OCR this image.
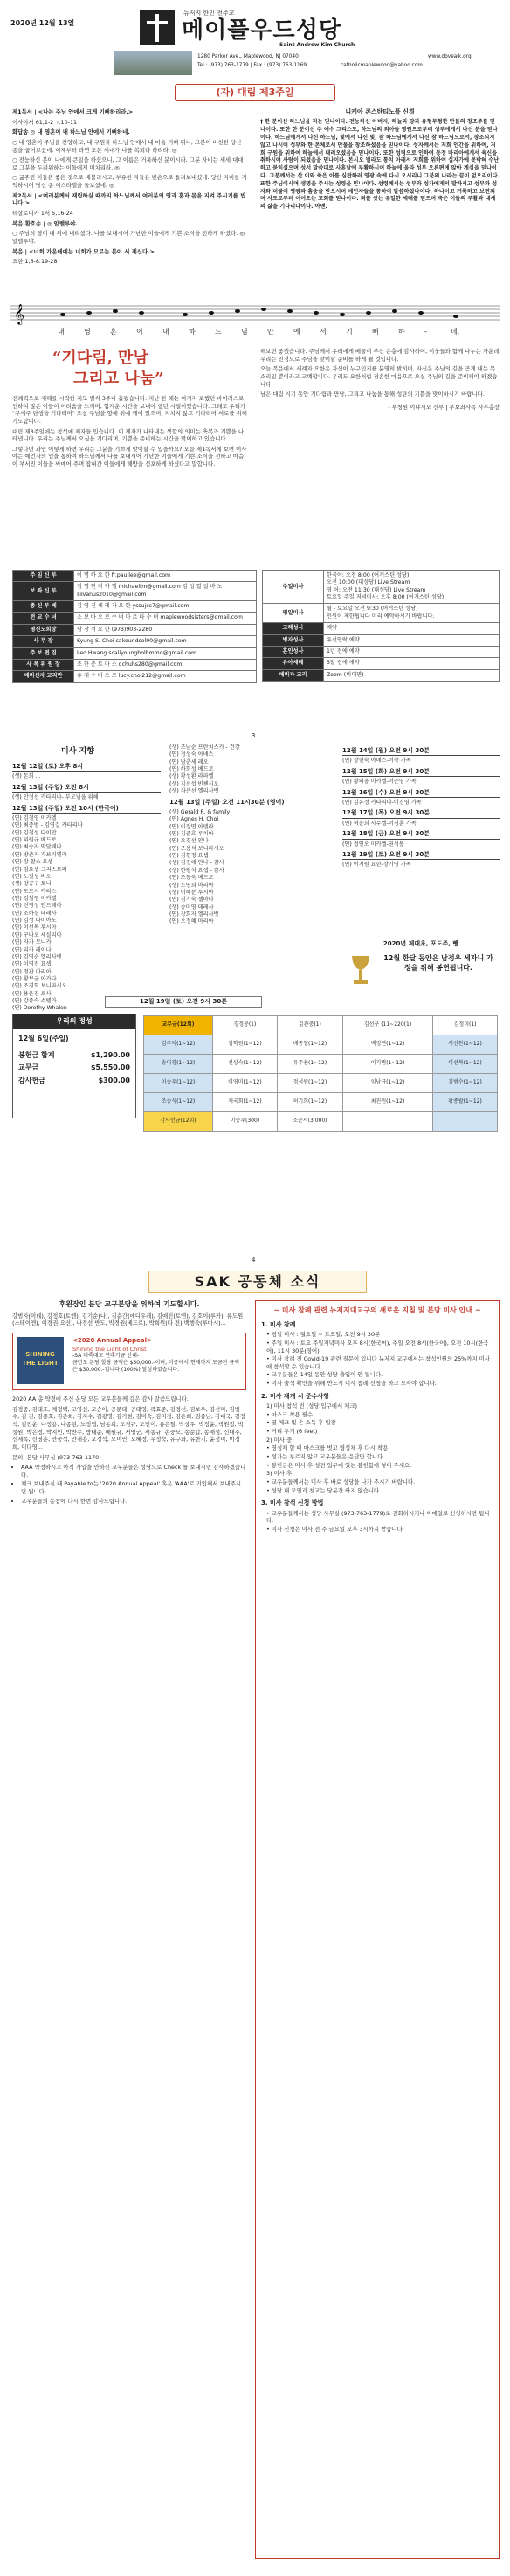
2020년 12월 13일
뉴저지 한인 천주교
메이플우드성당
Saint Andrew Kim Church
1280 Parker Ave., Maplewood, NJ 07040	www.dovealk.org
Tel : (973) 763-1779 | Fax : (973) 763-1169	catholicmaplewood@yahoo.com
(자) 대림 제3주일

제1독서 | <나는 주님 안에서 크게 기뻐하리라.>

이사야서 61,1-2ㄱ.10-11

화답송 ◎ 내 영혼이 내 하느님 안에서 기뻐하네.

○ 내 영혼이 주님을 찬양하고, 내 구원자 하느님 안에서 내 마음 기뻐 뛰니, 그분이 비천한 당신 종을 굽어보셨네. 이제부터 과연 모든 세대가 나를 복되다 하리라. ◎

○ 전능하신 분이 나에게 큰일을 하셨으니, 그 이름은 거룩하신 분이시라. 그분 자비는 세세 대대로 그분을 두려워하는 이들에게 미치리라. ◎

○ 굶주린 이들은 좋은 것으로 배불리시고, 부유한 자들은 빈손으로 돌려보내셨네. 당신 자비를 기억하시어 당신 종 이스라엘을 돌보셨네. ◎

제2독서 | <여러분께서 재림하실 때까지 하느님께서 여러분의 영과 혼과 몸을 지켜 주시기를 빕니다.>

테살로니카 1서 5,16-24

복음 환호송 | ◎ 알렐루야.

○ 주님의 영이 내 위에 내리셨다. 나를 보내시어 가난한 이들에게 기쁜 소식을 전하게 하셨다. ◎ 알렐루야.

복음 | <너희 가운데에는 너희가 모르는 분이 서 계신다.>

요한 1,6-8.19-28

니케아 콘스탄티노플 신경

† 한 분이신 하느님을 저는 믿나이다. 전능하신 아버지, 하늘과 땅과 유형무형한 만물의 창조주를 믿나이다. 또한 한 분이신 주 예수 그리스도, 하느님의 외아들 영원으로부터 성부에게서 나신 분을 믿나이다. 하느님에게서 나신 하느님, 빛에서 나신 빛, 참 하느님에게서 나신 참 하느님으로서, 창조되지 않고 나시어 성부와 한 본체로서 만물을 창조하셨음을 믿나이다. 성자께서는 저희 인간을 위하여, 저희 구원을 위하여 하늘에서 내려오셨음을 믿나이다. 또한 성령으로 인하여 동정 마리아에게서 육신을 취하시어 사람이 되셨음을 믿나이다. 본시오 빌라도 통치 아래서 저희를 위하여 십자가에 못박혀 수난하고 묻히셨으며 성서 말씀대로 사흗날에 부활하시어 하늘에 올라 성부 오른편에 앉아 계심을 믿나이다. 그분께서는 산 이와 죽은 이를 심판하러 영광 속에 다시 오시리니 그분의 나라는 끝이 없으리이다. 또한 주님이시며 생명을 주시는 성령을 믿나이다. 성령께서는 성부와 성자에게서 발하시고 성부와 성자와 더불어 영광과 흠숭을 받으시며 예언자들을 통하여 말씀하셨나이다. 하나이고 거룩하고 보편되며 사도로부터 이어오는 교회를 믿나이다. 죄를 씻는 유일한 세례를 믿으며 죽은 이들의 부활과 내세의 삶을 기다리나이다. 아멘.

𝄞
내	영	혼	이	내	하	느	님	안	에	서	기	뻐	하	-	네.
“기다림, 만남
그리고 나눔”

전례력으로 새해를 시작한 지도 벌써 3주나 흘렀습니다. 지난 한 해는 여기저 포했던 바이러스로 인하여 많은 이들이 어려움을 느끼며, 힘겨운 시간을 보내야 했던 시절이었습니다. 그래도 우리가 "구세주 탄생을 기다리며" 오실 주님을 향해 위에 깨어 있으며, 지치지 않고 기다리며 서로를 위해 기도합니다.

대림 제3주일에는 참석에 제자들 입습니다. 이 제자가 나타내는 색깔의 의미는 축복과 기쁨을 나타냅니다. 우리는 주님께서 오심을 기다리며, 기쁨을 준비하는 시간을 맞이하고 있습니다.

그렇다면 과연 어떻게 하면 우리는 그분을 기쁘게 맞이할 수 있을까요? 오늘 제1독서에 보면 이사야는 예언자의 입을 통하여 하느님께서 나를 보내시어 가난한 이들에게 기쁜 소식을 전하고 마음이 부서진 이들을 싸매어 주며 잡혀간 이들에게 해방을 선포하게 하셨다고 말합니다.

해보면 좋겠습니다. 주님께서 우리에게 베풀어 주신 은총에 감사하며, 이웃들과 함께 나누는 가운데 우리는 진정으로 주님을 맞이할 준비를 하게 될 것입니다.

오늘 복음에서 세례자 요한은 자신이 누구인지를 분명히 밝히며, 자신은 주님의 길을 곧게 내는 목소리일 뿐이라고 고백합니다. 우리도 요한처럼 겸손한 마음으로 오실 주님의 길을 준비해야 하겠습니다.

남은 대림 시기 동안 기다림과 만남, 그리고 나눔을 통해 성탄의 기쁨을 맞이하시기 바랍니다.

- 부청원 이냐시오 신부 | 부보좌사목 사무총장

주 임 신 부	이 명 하 요 한 fr.paullee@gmail.com
보 좌 신 부	김 명 현 미 카 엘 michaelfm@gmail.com 김 성 열 실 바 노 silvanus2010@gmail.com
종 신 부 제	김 영 진 세 례 자 요 한 yssujcs7@gmail.com
전 교 수 녀	소 보 바 오 로 수 녀 마 르 타 수 녀 maplewoodsisters@gmail.com
평신도회장	남 창 석 요 한 (973)903-2280
사 무 장	Kyung S. Choi sakoundsol90@gmail.com
주 보 편 집	Leo Hwang scallyoungbolhmmo@gmail.com
사 목 위 원 장	조 한 준 토 마 스 dchuhs280@gmail.com
예비신자 교리반	유 재 수 바 오 로 lucy.choi212@gmail.com
주일미사	한국어: 오전 8:00 (어거스틴 성당)
오전 10:00 (대성당) Live Stream
영 어: 오전 11:30 (대성당) Live Stream
토요일 주일 저녁미사: 오후 8:00 (어거스틴 성당)

평일미사	월 - 토요일 오전 9:30 (어거스틴 성당)
인원이 제한됩니다 미리 예약하시기 바랍니다.
고해성사	예약
병자성사	유선연락 예약
혼인성사	1년 전에 예약
유아세례	3달 전에 예약
예비자 교리	Zoom (비대면)
3
미사 지향
12월 12일 (토) 오후 8시
(생) 돈희 ...
12월 13일 (주일) 오전 8시
(생) 안정선 카타리나- 부모님을 위해
12월 13일 (주일) 오전 10시 (한국어)
(연) 김철영 미카엘
(연) 최중범 - 김영길 카타리나
(연) 김철성 다이안
(연) 위원규 베드로
(연) 최승자 막달레나
(연) 방춘자 가브리엘라
(연) 장 찰스 요셉
(연) 김요셉 크리스토퍼
(연) 노필성 비오
(생) 양공구 토니
(연) 도로시 카리스
(연) 김철영 미카엘
(연) 신영성 안드레아
(연) 조하심 데레사
(연) 김성 다미아노
(연) 이선복 루시아
(연) 구나오 세실리아
(연) 자가 모니카
(연) 리카 레이나
(연) 김영순 엘리사벳
(연) 이영진 요셉
(연) 정관 마리아
(연) 황보금 아가다
(연) 조경희 보니파시오
(연) 용은진 로사
(연) 강종숙 스텔라
(연) Dorothy Whalen
(생) 조남순 프란치스카 - 건강
(연) 정성숙 아녜스
(연) 남춘세 레오
(연) 하희성 베드로
(생) 황성환 라파엘
(생) 김선섭 빈첸시오
(생) 차은선 엘리사벳
12월 13일 (주일) 오전 11시30분 (영어)
(생) Gerald R. & family
(연) Agnes H. Choi
(연) 이장면 아델라
(연) 김준호 루치아
(연) 오경선 안나
(연) 조용석 보니파시오
(연) 김현정 요셉
(생) 김진애 안나 - 감사
(생) 한광석 요셉 - 감사
(연) 조동욱 베드로
(생) 노연희 마리아
(생) 이해분 루시아
(연) 김기숙 젤마나
(생) 송미영 데레사
(연) 강희자 엘리사벳
(연) 오정혜 마리아
12월 14일 (월) 오전 9시 30분
(연) 장현숙 아녜스-이쑥 가족
12월 15일 (화) 오전 9시 30분
(연) 황의웅 미카엘-이준영 가족
12월 16일 (수) 오전 9시 30분
(연) 김유정 카타리나-이진영 가족
12월 17일 (목) 오전 9시 30분
(연) 허윤희 사무엘-이경훈 가족
12월 18일 (금) 오전 9시 30분
(연) 정인오 미카엘-권석봉
12월 19일 (토) 오전 9시 30분
(연) 이지원 요한-장기영 가족
2020년 제대초, 포도주, 빵
12월 한달 동안은 남정우 세자니 가정을 위해 봉헌됩니다.
12월 19일 (토) 오전 9시 30분
우리의 정성
12월 6일(주일)
봉헌금 합계	$1,290.00
교무금	$5,550.00
감사헌금	$300.00
교무금(12회)	경정봉(1)	김관중(1)	김선구 (11~220(1)	김정미(1)
김주억(1~12)	김학원(1~12)	배종철(1~12)	백정연(1~12)	서선찬(1~12)
송미경(1~12)	선상숙(1~12)	유주용(1~12)	이기범(1~12)	이선복(1~12)
이승우(1~12)	이영미(1~12)	정석원(1~12)	임남규(1~12)	김범수(1~12)
조승식(1~12)	제국회(1~12)	허기희(1~12)	최진원(1~12)	황종팔(1~12)
감사헌금(12회)	이승우(300)	조준서(3,000)		
4
SAK 공동체 소식

후원장인 분당 교구본당을 위하여 기도합시다.

강범자(이데), 강정호(토엔), 김기순(나), 김순간(에디우케), 김애진(토엔), 김호이(루카), 류도원(스테이엔), 이경권(요선), 나경선 반도, 박경원(베드로), 박희원(다 전) 백행숙(루마시)...

SHINING
THE LIGHT
<2020 Annual Appeal>
Shining the Light of Christ
-SA 대축대교 연대기금 안내-
금년도 본당 할당 금액은 $30,000.-이며, 이중에서 현재까지 모금된 금액은 $30,000.-입니다 (100%) 달성하였습니다.

2020 AA 총 약정에 주신 온당 모든 교우분들께 깊은 감사 말씀드립니다.

김경중, 김태호, 계정택, 고영선, 고승아, 공문태, 공태영, 곽효준, 김경선, 김보우, 김선미, 김범수, 김 진, 김종호, 김준희, 김지수, 김광명, 김기현, 김미숙, 김미정, 김은희, 김종남, 김대국, 김정석, 김진운, 나정용, 나종현, 노정엽, 남동희, 도경규, 도민이, 류은철, 박상우, 박정윤, 박원정, 박성원, 박은정, 박지민, 박찬수, 방태준, 배원규, 서영군, 서종규, 손중모, 송순갑, 송재성, 신대주, 신재목, 신명훈, 안중석, 안재용, 오경석, 오미연, 오혜정, 우정숙, 유구화, 유한기, 윤정미, 이경희, 이다영...

문의: 본당 사무실 (973-763-1170)

• AAA 약정하시고 아직 가입을 안하신 교우분들은 성당으로 Check 를 보내시면 감사하겠습니다.
• 체크 보내주실 때 Payable to는 '2020 Annual Appeal' 혹은 'AAA'로 기입해서 보내주시면 됩니다.
• 교우분들의 동참에 다시 한번 감사드립니다.
~ 미사 참례 관련 뉴저지대교구의 새로운 지침 및 본당 미사 안내 ~
1. 미사 참례
• 평일 미사 : 월요일 ~ 토요일, 오전 9시 30분
• 주일 미사 : 토요 주일저녁미사 오후 8시(한국어), 주일 오전 8시(한국어), 오전 10시(한국어), 11시 30분(영어)
• 미사 참례 전 Covid-19 관련 질문이 입니다 뉴저지 교구에서는 참석인원의 25%까지 미사에 참석할 수 있습니다.
• 교우분들은 14일 동안 성당 출입이 안 됩니다.
• 미사 출석 확인을 위해 반드시 미사 참례 신청을 하고 오셔야 합니다.
2. 미사 재개 시 준수사항
1) 미사 참석 전 (성당 입구에서 체크)
• 마스크 착용 필수
• 열 체크 및 손 소독 후 입장
• 거리 두기 (6 feet)
2) 미사 중
• 영성체 할 때 마스크를 벗고 영성체 후 다시 착용
• 성가는 부르지 않고 교우분들은 응답만 합니다.
• 봉헌금은 미사 후 성전 입구에 있는 봉헌함에 넣어 주세요.
3) 미사 후
• 교우분들께서는 미사 후 바로 성당을 나가 주시기 바랍니다.
• 성당 내 모임과 친교는 당분간 하지 않습니다.
3. 미사 참석 신청 방법
• 교우분들께서는 성당 사무실 (973-763-1779)로 전화하시거나 이메일로 신청하시면 됩니다.
• 미사 신청은 미사 전 주 금요일 오후 3시까지 받습니다.
